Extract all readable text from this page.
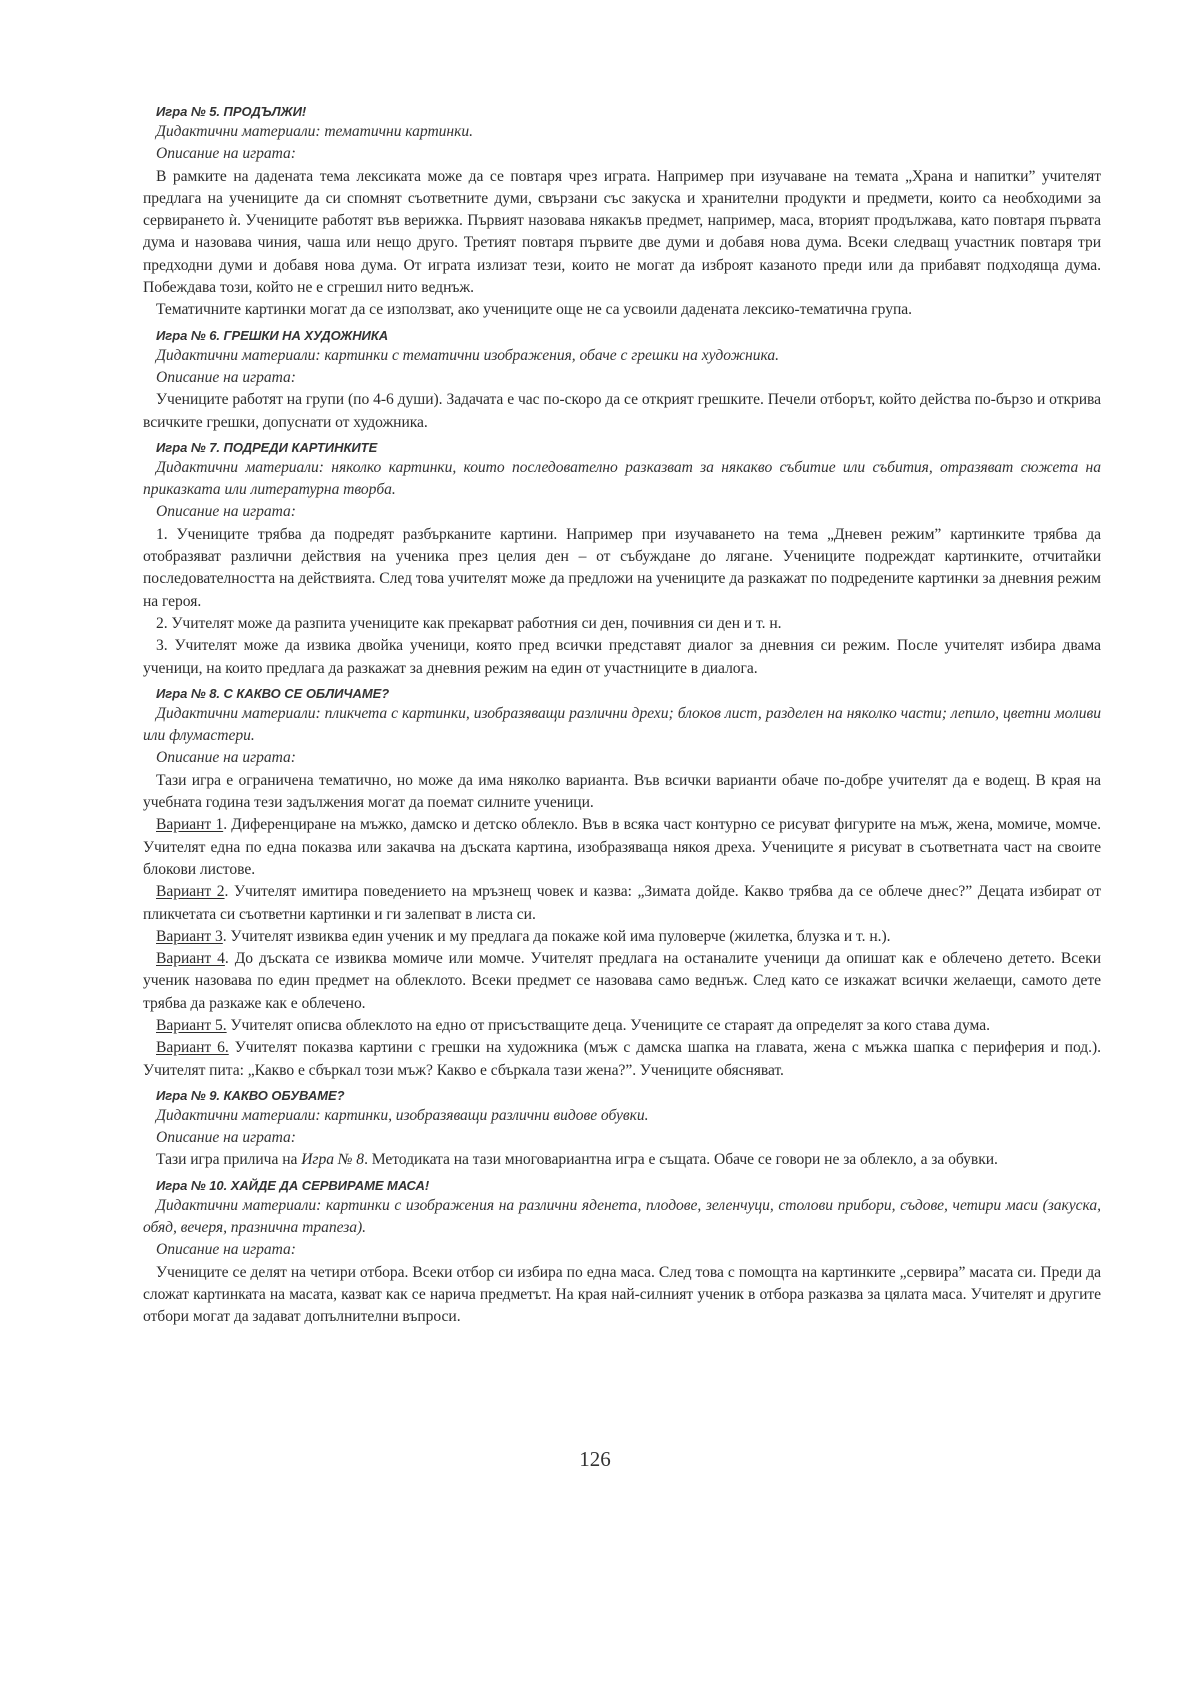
Игра № 5. ПРОДЪЛЖИ!
Дидактични материали: тематични картинки.
Описание на играта:
В рамките на дадената тема лексиката може да се повтаря чрез играта. Например при изучаване на темата „Храна и напитки” учителят предлага на учениците да си спомнят съответните думи, свързани със закуска и хранителни продукти и предмети, които са необходими за сервирането ѝ. Учениците работят във верижка. Първият назовава някакъв предмет, например, маса, вторият продължава, като повтаря първата дума и назовава чиния, чаша или нещо друго. Третият повтаря първите две думи и добавя нова дума. Всеки следващ участник повтаря три предходни думи и добавя нова дума. От играта излизат тези, които не могат да изброят казаното преди или да прибавят подходяща дума. Побеждава този, който не е сгрешил нито веднъж.
Тематичните картинки могат да се използват, ако учениците още не са усвоили дадената лексико-тематична група.
Игра № 6. ГРЕШКИ НА ХУДОЖНИКА
Дидактични материали: картинки с тематични изображения, обаче с грешки на художника.
Описание на играта:
Учениците работят на групи (по 4-6 души). Задачата е час по-скоро да се открият грешките. Печели отборът, който действа по-бързо и открива всичките грешки, допуснати от художника.
Игра № 7. ПОДРЕДИ КАРТИНКИТЕ
Дидактични материали: няколко картинки, които последователно разказват за някакво събитие или събития, отразяват сюжета на приказката или литературна творба.
Описание на играта:
1. Учениците трябва да подредят разбърканите картини. Например при изучаването на тема „Дневен режим” картинките трябва да отобразяват различни действия на ученика през целия ден – от събуждане до лягане. Учениците подреждат картинките, отчитайки последователността на действията. След това учителят може да предложи на учениците да разкажат по подредените картинки за дневния режим на героя.
2. Учителят може да разпита учениците как прекарват работния си ден, почивния си ден и т. н.
3. Учителят може да извика двойка ученици, която пред всички представят диалог за дневния си режим. После учителят избира двама ученици, на които предлага да разкажат за дневния режим на един от участниците в диалога.
Игра № 8. С КАКВО СЕ ОБЛИЧАМЕ?
Дидактични материали: пликчета с картинки, изобразяващи различни дрехи; блоков лист, разделен на няколко части; лепило, цветни моливи или флумастери.
Описание на играта:
Тази игра е ограничена тематично, но може да има няколко варианта. Във всички варианти обаче по-добре учителят да е водещ. В края на учебната година тези задължения могат да поемат силните ученици.
Вариант 1. Диференциране на мъжко, дамско и детско облекло. Във в всяка част контурно се рисуват фигурите на мъж, жена, момиче, момче. Учителят една по една показва или закачва на дъската картина, изобразяваща някоя дреха. Учениците я рисуват в съответната част на своите блокови листове.
Вариант 2. Учителят имитира поведението на мръзнещ човек и казва: „Зимата дойде. Какво трябва да се облече днес?” Децата избират от пликчетата си съответни картинки и ги залепват в листа си.
Вариант 3. Учителят извиква един ученик и му предлага да покаже кой има пуловерче (жилетка, блузка и т. н.).
Вариант 4. До дъската се извиква момиче или момче. Учителят предлага на останалите ученици да опишат как е облечено детето. Всеки ученик назовава по един предмет на облеклото. Всеки предмет се назовава само веднъж. След като се изкажат всички желаещи, самото дете трябва да разкаже как е облечено.
Вариант 5. Учителят описва облеклото на едно от присъстващите деца. Учениците се стараят да определят за кого става дума.
Вариант 6. Учителят показва картини с грешки на художника (мъж с дамска шапка на главата, жена с мъжка шапка с периферия и под.). Учителят пита: „Какво е сбъркал този мъж? Какво е сбъркала тази жена?”. Учениците обясняват.
Игра № 9. КАКВО ОБУВАМЕ?
Дидактични материали: картинки, изобразяващи различни видове обувки.
Описание на играта:
Тази игра прилича на Игра № 8. Методиката на тази многовариантна игра е същата. Обаче се говори не за облекло, а за обувки.
Игра № 10. ХАЙДЕ ДА СЕРВИРАМЕ МАСА!
Дидактични материали: картинки с изображения на различни яденета, плодове, зеленчуци, столови прибори, съдове, четири маси (закуска, обяд, вечеря, празнична трапеза).
Описание на играта:
Учениците се делят на четири отбора. Всеки отбор си избира по една маса. След това с помощта на картинките „сервира” масата си. Преди да сложат картинката на масата, казват как се нарича предметът. На края най-силният ученик в отбора разказва за цялата маса. Учителят и другите отбори могат да задават допълнителни въпроси.
126
